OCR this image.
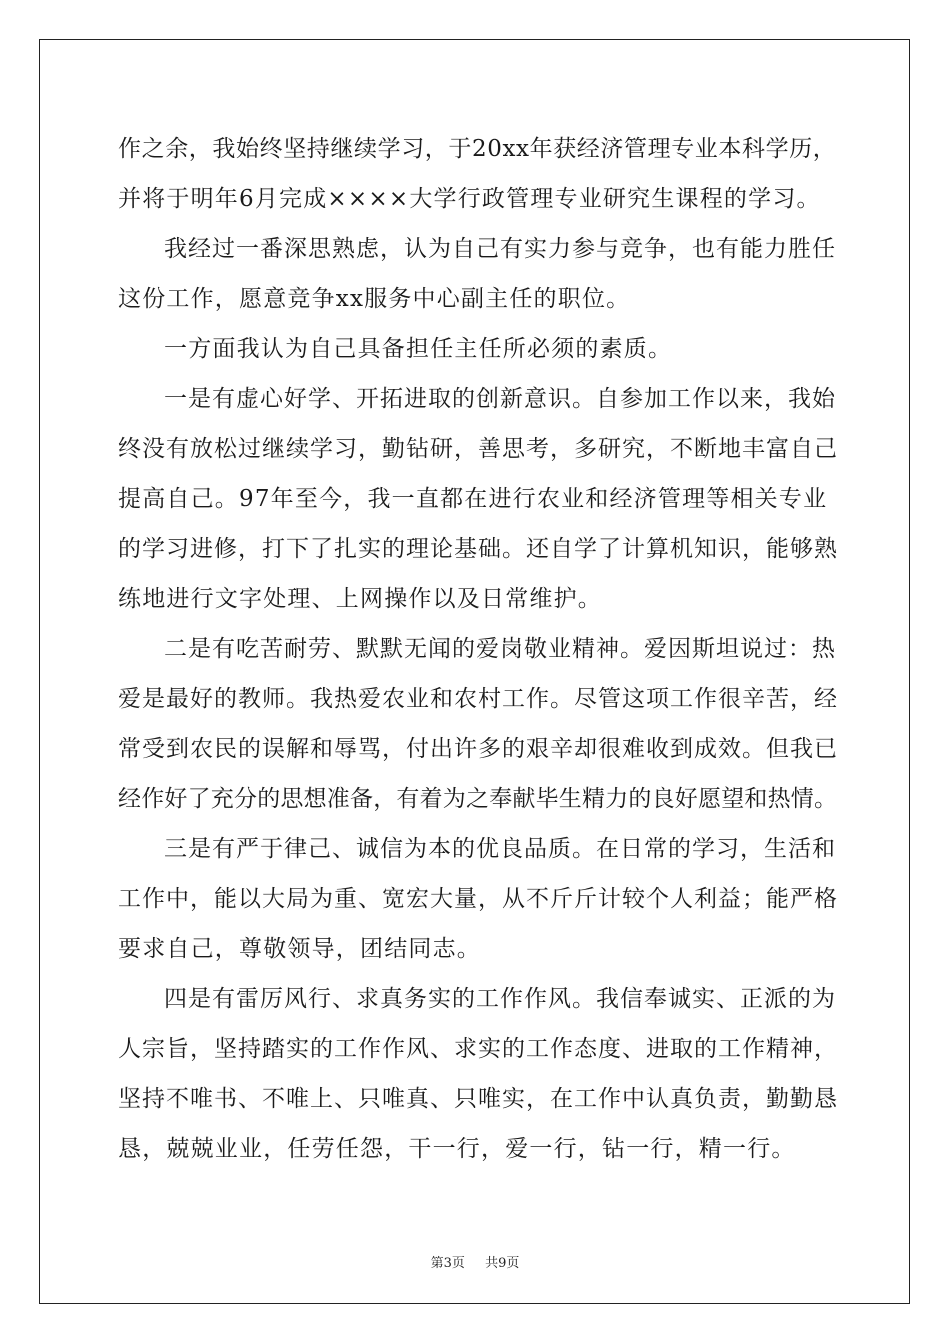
作之余，我始终坚持继续学习，于20xx年获经济管理专业本科学历，
并将于明年6月完成××××大学行政管理专业研究生课程的学习。
我经过一番深思熟虑，认为自己有实力参与竞争，也有能力胜任
这份工作，愿意竞争xx服务中心副主任的职位。
一方面我认为自己具备担任主任所必须的素质。
一是有虚心好学、开拓进取的创新意识。自参加工作以来，我始
终没有放松过继续学习，勤钻研，善思考，多研究，不断地丰富自己
提高自己。97年至今，我一直都在进行农业和经济管理等相关专业
的学习进修，打下了扎实的理论基础。还自学了计算机知识，能够熟
练地进行文字处理、上网操作以及日常维护。
二是有吃苦耐劳、默默无闻的爱岗敬业精神。爱因斯坦说过：热
爱是最好的教师。我热爱农业和农村工作。尽管这项工作很辛苦，经
常受到农民的误解和辱骂，付出许多的艰辛却很难收到成效。但我已
经作好了充分的思想准备，有着为之奉献毕生精力的良好愿望和热情。
三是有严于律己、诚信为本的优良品质。在日常的学习，生活和
工作中，能以大局为重、宽宏大量，从不斤斤计较个人利益；能严格
要求自己，尊敬领导，团结同志。
四是有雷厉风行、求真务实的工作作风。我信奉诚实、正派的为
人宗旨，坚持踏实的工作作风、求实的工作态度、进取的工作精神，
坚持不唯书、不唯上、只唯真、只唯实，在工作中认真负责，勤勤恳
恳，兢兢业业，任劳任怨，干一行，爱一行，钻一行，精一行。
第3页 共9页
